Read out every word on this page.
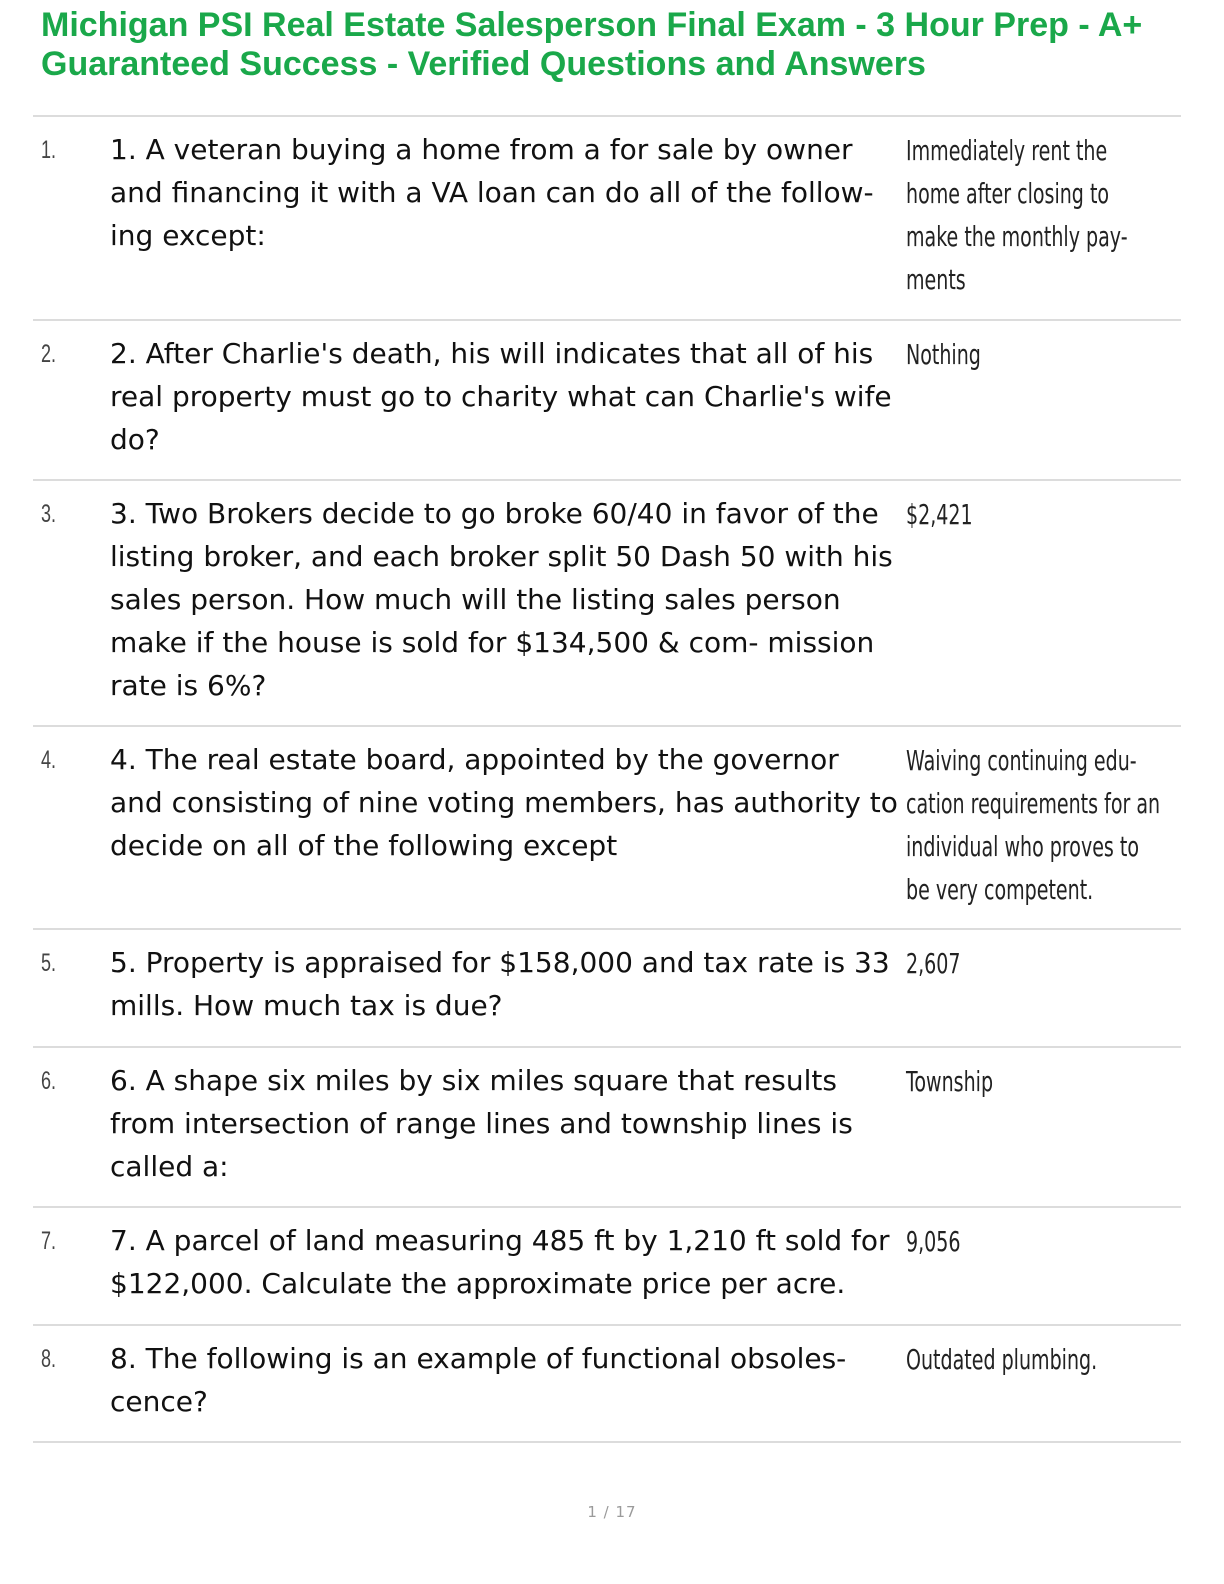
Michigan PSI Real Estate Salesperson Final Exam - 3 Hour Prep - A+ Guaranteed Success - Verified Questions and Answers
1. 1. A veteran buying a home from a for sale by owner and financing it with a VA loan can do all of the follow- ing except:

Immediately rent the home after closing to make the monthly pay- ments

2. 2. After Charlie's death, his will indicates that all of his real property must go to charity what can Charlie's wife do?

Nothing

3. 3. Two Brokers decide to go broke 60/40 in favor of the listing broker, and each broker split 50 Dash 50 with his sales person. How much will the listing sales person make if the house is sold for $134,500 & com- mission rate is 6%?

$2,421

4. 4. The real estate board, appointed by the governor and consisting of nine voting members, has authority to decide on all of the following except

Waiving continuing edu- cation requirements for an individual who proves to be very competent.

5. 5. Property is appraised for $158,000 and tax rate is 33 mills. How much tax is due?

2,607

6. 6. A shape six miles by six miles square that results from intersection of range lines and township lines is called a:

Township

7. 7. A parcel of land measuring 485 ft by 1,210 ft sold for $122,000. Calculate the approximate price per acre.

9,056

8. 8. The following is an example of functional obsoles- cence?

Outdated plumbing.

1 / 17
